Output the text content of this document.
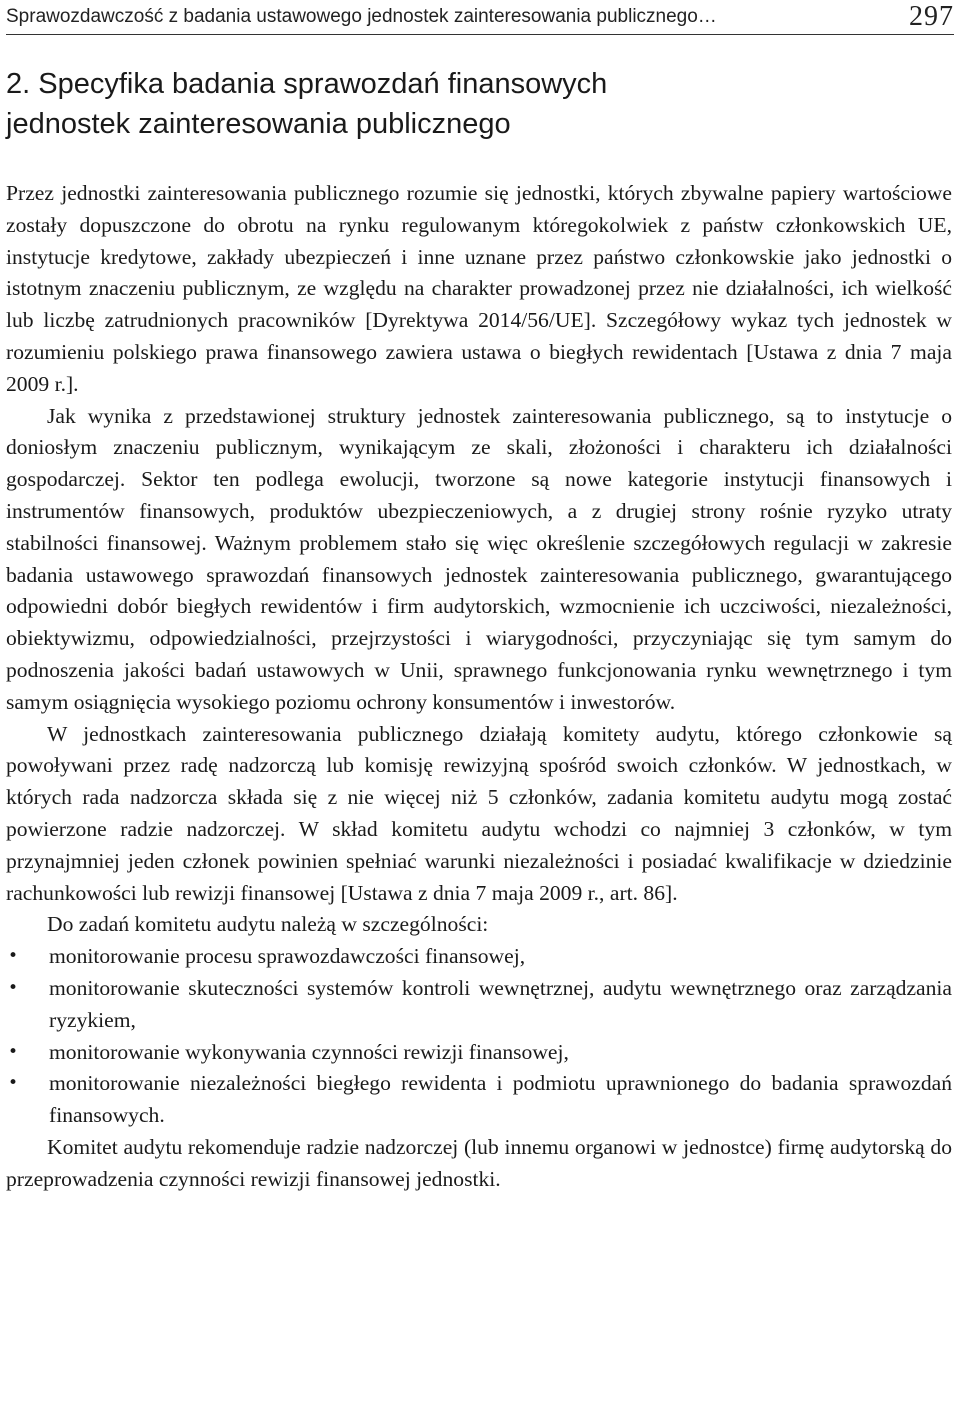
Sprawozdawczość z badania ustawowego jednostek zainteresowania publicznego…	297
2. Specyfika badania sprawozdań finansowych
jednostek zainteresowania publicznego

Przez jednostki zainteresowania publicznego rozumie się jednostki, których zbywalne papiery wartościowe zostały dopuszczone do obrotu na rynku regulowanym któregokolwiek z państw członkowskich UE, instytucje kredytowe, zakłady ubezpieczeń i inne uznane przez państwo członkowskie jako jednostki o istotnym znaczeniu publicznym, ze względu na charakter prowadzonej przez nie działalności, ich wielkość lub liczbę zatrudnionych pracowników [Dyrektywa 2014/56/UE]. Szczegółowy wykaz tych jednostek w rozumieniu polskiego prawa finansowego zawiera ustawa o biegłych rewidentach [Ustawa z dnia 7 maja 2009 r.].

Jak wynika z przedstawionej struktury jednostek zainteresowania publicznego, są to instytucje o doniosłym znaczeniu publicznym, wynikającym ze skali, złożoności i charakteru ich działalności gospodarczej. Sektor ten podlega ewolucji, tworzone są nowe kategorie instytucji finansowych i instrumentów finansowych, produktów ubezpieczeniowych, a z drugiej strony rośnie ryzyko utraty stabilności finansowej. Ważnym problemem stało się więc określenie szczegółowych regulacji w zakresie badania ustawowego sprawozdań finansowych jednostek zainteresowania publicznego, gwarantującego odpowiedni dobór biegłych rewidentów i firm audytorskich, wzmocnienie ich uczciwości, niezależności, obiektywizmu, odpowiedzialności, przejrzystości i wiarygodności, przyczyniając się tym samym do podnoszenia jakości badań ustawowych w Unii, sprawnego funkcjonowania rynku wewnętrznego i tym samym osiągnięcia wysokiego poziomu ochrony konsumentów i inwestorów.

W jednostkach zainteresowania publicznego działają komitety audytu, którego członkowie są powoływani przez radę nadzorczą lub komisję rewizyjną spośród swoich członków. W jednostkach, w których rada nadzorcza składa się z nie więcej niż 5 członków, zadania komitetu audytu mogą zostać powierzone radzie nadzorczej. W skład komitetu audytu wchodzi co najmniej 3 członków, w tym przynajmniej jeden członek powinien spełniać warunki niezależności i posiadać kwalifikacje w dziedzinie rachunkowości lub rewizji finansowej [Ustawa z dnia 7 maja 2009 r., art. 86].

Do zadań komitetu audytu należą w szczególności:

• monitorowanie procesu sprawozdawczości finansowej,
• monitorowanie skuteczności systemów kontroli wewnętrznej, audytu wewnętrznego oraz zarządzania ryzykiem,
• monitorowanie wykonywania czynności rewizji finansowej,
• monitorowanie niezależności biegłego rewidenta i podmiotu uprawnionego do badania sprawozdań finansowych.

Komitet audytu rekomenduje radzie nadzorczej (lub innemu organowi w jednostce) firmę audytorską do przeprowadzenia czynności rewizji finansowej jednostki.
